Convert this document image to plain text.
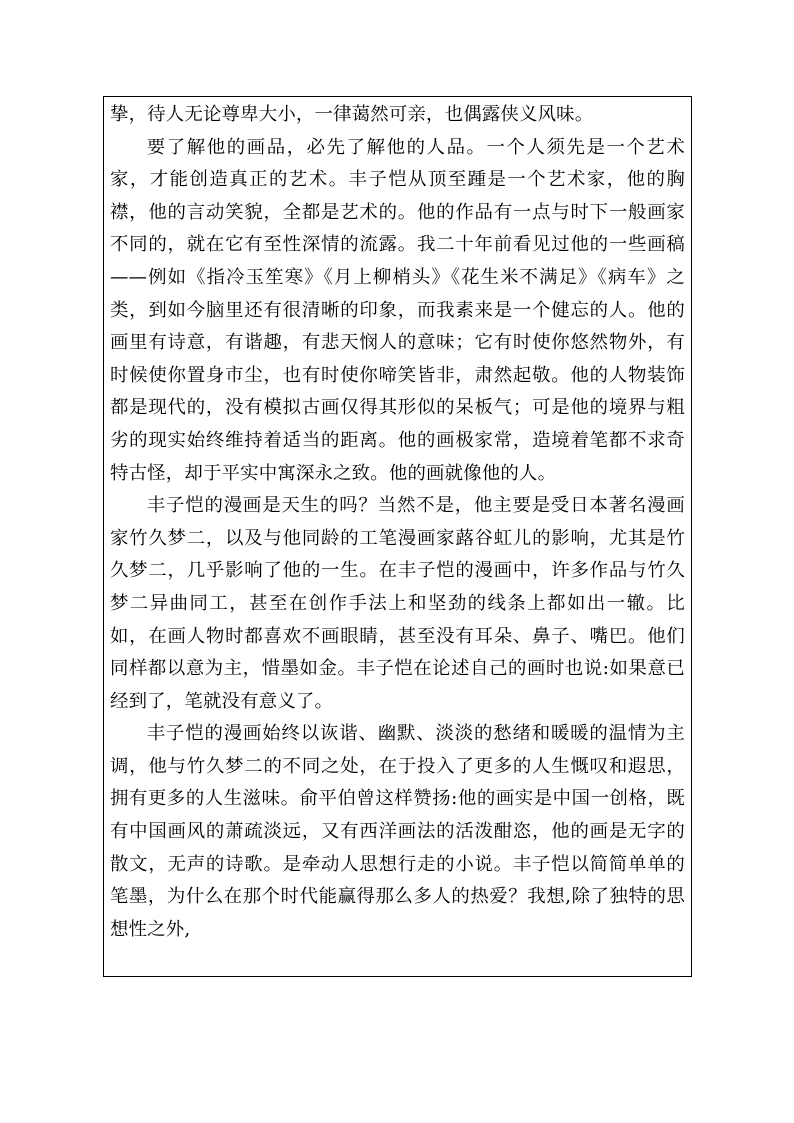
挚，待人无论尊卑大小，一律蔼然可亲，也偶露侠义风味。

要了解他的画品，必先了解他的人品。一个人须先是一个艺术家，才能创造真正的艺术。丰子恺从顶至踵是一个艺术家，他的胸襟，他的言动笑貌，全都是艺术的。他的作品有一点与时下一般画家不同的，就在它有至性深情的流露。我二十年前看见过他的一些画稿——例如《指冷玉笙寒》《月上柳梢头》《花生米不满足》《病车》之类，到如今脑里还有很清晰的印象，而我素来是一个健忘的人。他的画里有诗意，有谐趣，有悲天悯人的意味；它有时使你悠然物外，有时候使你置身市尘，也有时使你啼笑皆非，肃然起敬。他的人物装饰都是现代的，没有模拟古画仅得其形似的呆板气；可是他的境界与粗劣的现实始终维持着适当的距离。他的画极家常，造境着笔都不求奇特古怪，却于平实中寓深永之致。他的画就像他的人。

丰子恺的漫画是天生的吗？当然不是，他主要是受日本著名漫画家竹久梦二，以及与他同龄的工笔漫画家蕗谷虹儿的影响，尤其是竹久梦二，几乎影响了他的一生。在丰子恺的漫画中，许多作品与竹久梦二异曲同工，甚至在创作手法上和坚劲的线条上都如出一辙。比如，在画人物时都喜欢不画眼睛，甚至没有耳朵、鼻子、嘴巴。他们同样都以意为主，惜墨如金。丰子恺在论述自己的画时也说:如果意已经到了，笔就没有意义了。

丰子恺的漫画始终以诙谐、幽默、淡淡的愁绪和暖暖的温情为主调，他与竹久梦二的不同之处，在于投入了更多的人生慨叹和遐思，拥有更多的人生滋味。俞平伯曾这样赞扬:他的画实是中国一创格，既有中国画风的萧疏淡远，又有西洋画法的活泼酣恣，他的画是无字的散文，无声的诗歌。是牵动人思想行走的小说。丰子恺以简简单单的笔墨，为什么在那个时代能赢得那么多人的热爱？我想,除了独特的思想性之外,
